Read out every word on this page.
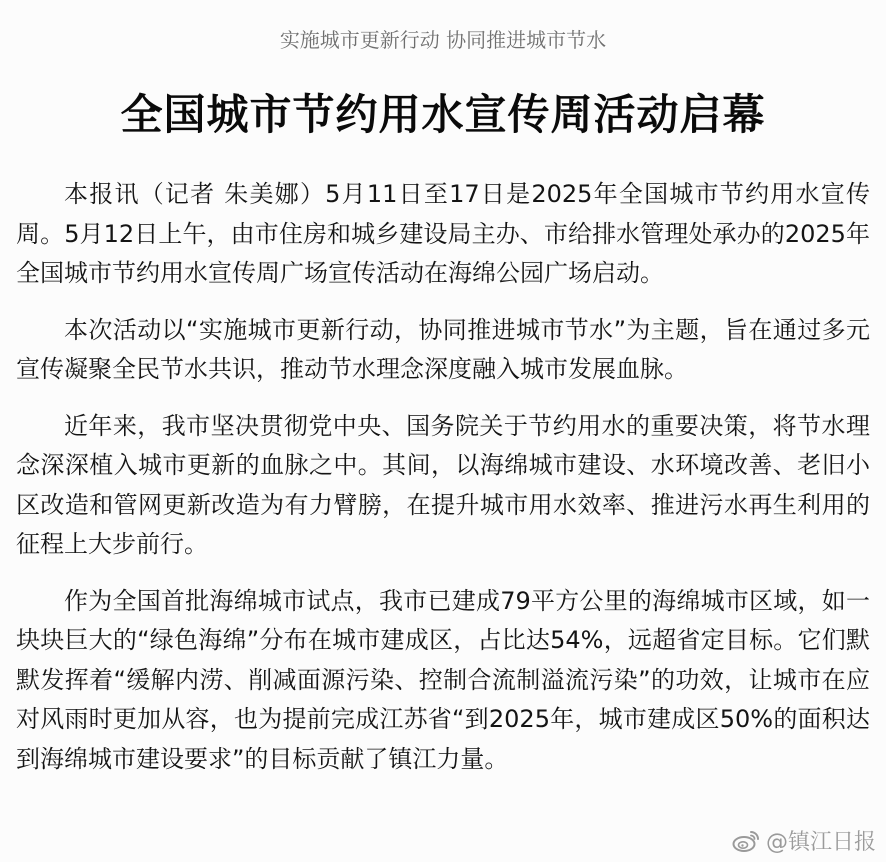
实施城市更新行动 协同推进城市节水
全国城市节约用水宣传周活动启幕

本报讯（记者 朱美娜）5月11日至17日是2025年全国城市节约用水宣传周。5月12日上午，由市住房和城乡建设局主办、市给排水管理处承办的2025年全国城市节约用水宣传周广场宣传活动在海绵公园广场启动。

本次活动以“实施城市更新行动，协同推进城市节水”为主题，旨在通过多元宣传凝聚全民节水共识，推动节水理念深度融入城市发展血脉。

近年来，我市坚决贯彻党中央、国务院关于节约用水的重要决策，将节水理念深深植入城市更新的血脉之中。其间，以海绵城市建设、水环境改善、老旧小区改造和管网更新改造为有力臂膀，在提升城市用水效率、推进污水再生利用的征程上大步前行。

作为全国首批海绵城市试点，我市已建成79平方公里的海绵城市区域，如一块块巨大的“绿色海绵”分布在城市建成区，占比达54%，远超省定目标。它们默默发挥着“缓解内涝、削减面源污染、控制合流制溢流污染”的功效，让城市在应对风雨时更加从容，也为提前完成江苏省“到2025年，城市建成区50%的面积达到海绵城市建设要求”的目标贡献了镇江力量。

@镇江日报
